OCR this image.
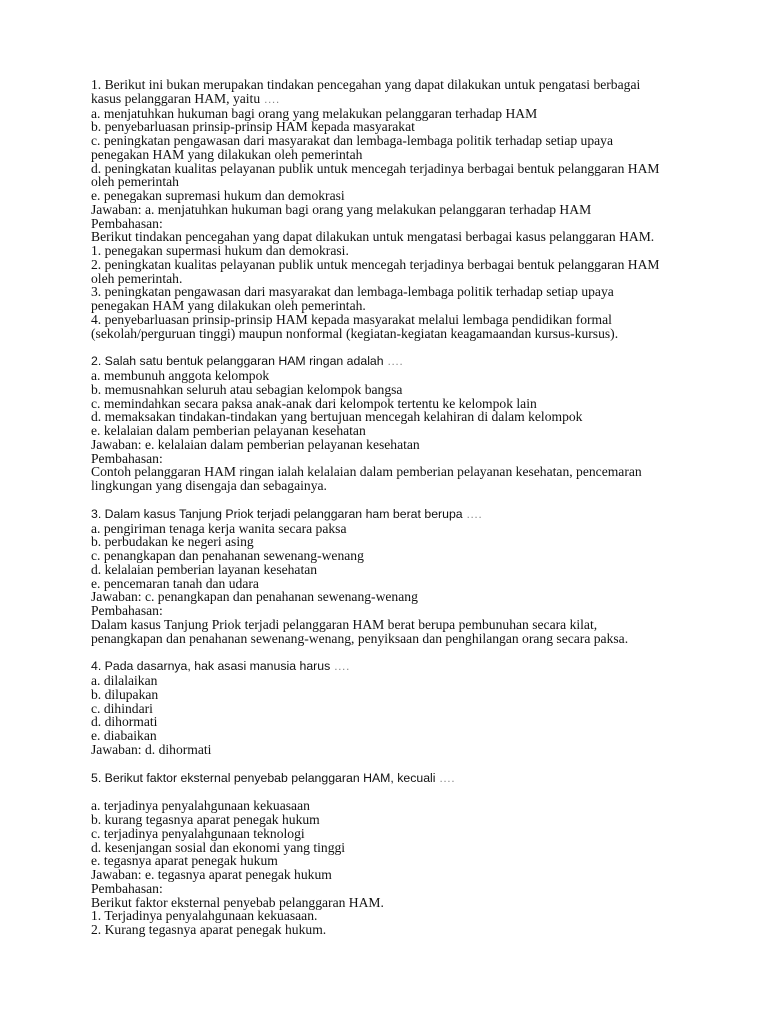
1. Berikut ini bukan merupakan tindakan pencegahan yang dapat dilakukan untuk pengatasi berbagai
kasus pelanggaran HAM, yaitu ….
a. menjatuhkan hukuman bagi orang yang melakukan pelanggaran terhadap HAM
b. penyebarluasan prinsip-prinsip HAM kepada masyarakat
c. peningkatan pengawasan dari masyarakat dan lembaga-lembaga politik terhadap setiap upaya
penegakan HAM yang dilakukan oleh pemerintah
d. peningkatan kualitas pelayanan publik untuk mencegah terjadinya berbagai bentuk pelanggaran HAM
oleh pemerintah
e. penegakan supremasi hukum dan demokrasi
Jawaban: a. menjatuhkan hukuman bagi orang yang melakukan pelanggaran terhadap HAM
Pembahasan:
Berikut tindakan pencegahan yang dapat dilakukan untuk mengatasi berbagai kasus pelanggaran HAM.
1. penegakan supermasi hukum dan demokrasi.
2. peningkatan kualitas pelayanan publik untuk mencegah terjadinya berbagai bentuk pelanggaran HAM
oleh pemerintah.
3. peningkatan pengawasan dari masyarakat dan lembaga-lembaga politik terhadap setiap upaya
penegakan HAM yang dilakukan oleh pemerintah.
4. penyebarluasan prinsip-prinsip HAM kepada masyarakat melalui lembaga pendidikan formal
(sekolah/perguruan tinggi) maupun nonformal (kegiatan-kegiatan keagamaandan kursus-kursus).
2. Salah satu bentuk pelanggaran HAM ringan adalah ….
a. membunuh anggota kelompok
b. memusnahkan seluruh atau sebagian kelompok bangsa
c. memindahkan secara paksa anak-anak dari kelompok tertentu ke kelompok lain
d. memaksakan tindakan-tindakan yang bertujuan mencegah kelahiran di dalam kelompok
e. kelalaian dalam pemberian pelayanan kesehatan
Jawaban: e. kelalaian dalam pemberian pelayanan kesehatan
Pembahasan:
Contoh pelanggaran HAM ringan ialah kelalaian dalam pemberian pelayanan kesehatan, pencemaran
lingkungan yang disengaja dan sebagainya.
3. Dalam kasus Tanjung Priok terjadi pelanggaran ham berat berupa ….
a. pengiriman tenaga kerja wanita secara paksa
b. perbudakan ke negeri asing
c. penangkapan dan penahanan sewenang-wenang
d. kelalaian pemberian layanan kesehatan
e. pencemaran tanah dan udara
Jawaban: c. penangkapan dan penahanan sewenang-wenang
Pembahasan:
Dalam kasus Tanjung Priok terjadi pelanggaran HAM berat berupa pembunuhan secara kilat,
penangkapan dan penahanan sewenang-wenang, penyiksaan dan penghilangan orang secara paksa.
4. Pada dasarnya, hak asasi manusia harus ….
a. dilalaikan
b. dilupakan
c. dihindari
d. dihormati
e. diabaikan
Jawaban: d. dihormati
5. Berikut faktor eksternal penyebab pelanggaran HAM, kecuali ….
a. terjadinya penyalahgunaan kekuasaan
b. kurang tegasnya aparat penegak hukum
c. terjadinya penyalahgunaan teknologi
d. kesenjangan sosial dan ekonomi yang tinggi
e. tegasnya aparat penegak hukum
Jawaban: e. tegasnya aparat penegak hukum
Pembahasan:
Berikut faktor eksternal penyebab pelanggaran HAM.
1. Terjadinya penyalahgunaan kekuasaan.
2. Kurang tegasnya aparat penegak hukum.
